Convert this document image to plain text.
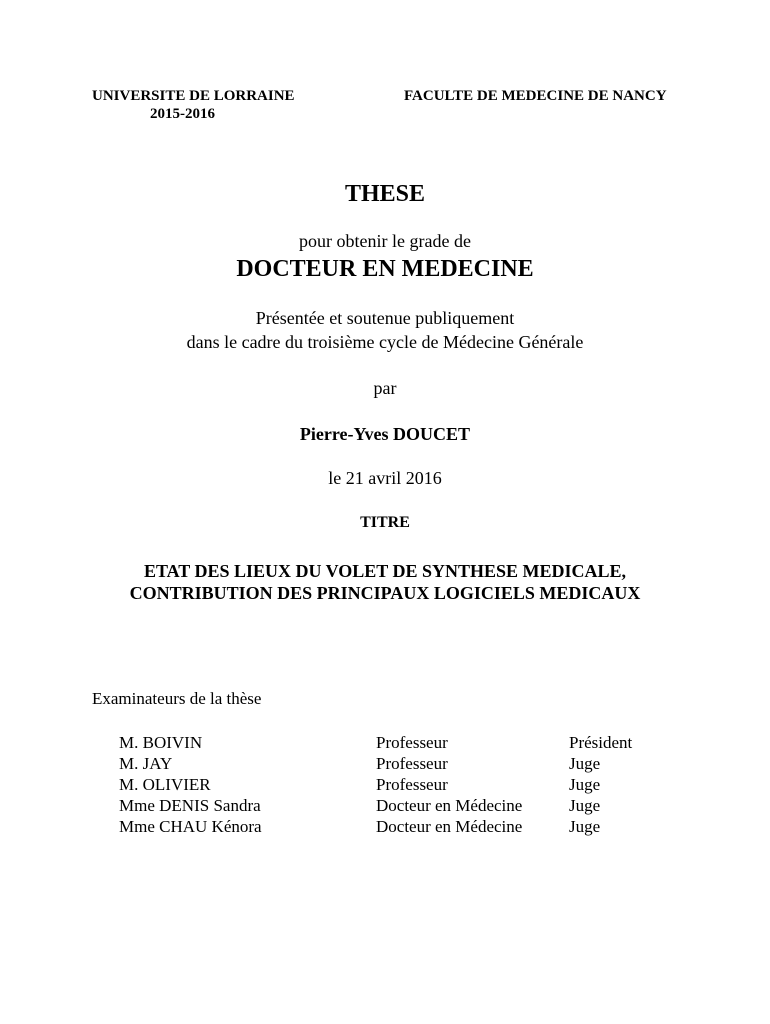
UNIVERSITE DE LORRAINE
2015-2016
FACULTE DE MEDECINE DE NANCY
THESE
pour obtenir le grade de
DOCTEUR EN MEDECINE
Présentée et soutenue publiquement
dans le cadre du troisième cycle de Médecine Générale
par
Pierre-Yves DOUCET
le 21 avril 2016
TITRE
ETAT DES LIEUX DU VOLET DE SYNTHESE MEDICALE,
CONTRIBUTION DES PRINCIPAUX LOGICIELS MEDICAUX
Examinateurs de la thèse
M. BOIVIN	Professeur	Président
M. JAY	Professeur	Juge
M. OLIVIER	Professeur	Juge
Mme DENIS Sandra	Docteur en Médecine	Juge
Mme CHAU Kénora	Docteur en Médecine	Juge
